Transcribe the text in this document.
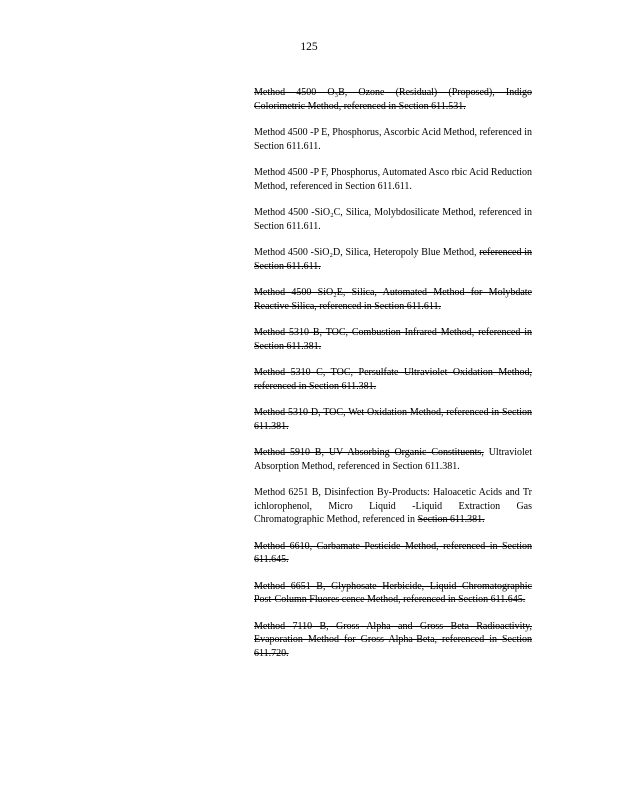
125

Method 4500 O₃B, Ozone (Residual) (Proposed), Indigo Colorimetric Method, referenced in Section 611.531.

Method 4500 -P E, Phosphorus, Ascorbic Acid Method, referenced in Section 611.611.

Method 4500 -P F, Phosphorus, Automated Asco rbic Acid Reduction Method, referenced in Section 611.611.

Method 4500 -SiO₂C, Silica, Molybdosilicate Method, referenced in Section 611.611.

Method 4500 -SiO₂D, Silica, Heteropoly Blue Method, referenced in Section 611.611.

Method 4500 SiO₂E, Silica, Automated Method for Molybdate Reactive Silica, referenced in Section 611.611.

Method 5310 B, TOC, Combustion Infrared Method, referenced in Section 611.381.

Method 5310 C, TOC, Persulfate Ultraviolet Oxidation Method, referenced in Section 611.381.

Method 5310 D, TOC, Wet Oxidation Method, referenced in Section 611.381.

Method 5910 B, UV Absorbing Organic Constituents, Ultraviolet Absorption Method, referenced in Section 611.381.

Method 6251 B, Disinfection By-Products: Haloacetic Acids and Tr ichlorophenol, Micro Liquid -Liquid Extraction Gas Chromatographic Method, referenced in Section 611.381.

Method 6610, Carbamate Pesticide Method, referenced in Section 611.645.

Method 6651 B, Glyphosate Herbicide, Liquid Chromatographic Post-Column Fluores cence Method, referenced in Section 611.645.

Method 7110 B, Gross Alpha and Gross Beta Radioactivity, Evaporation Method for Gross Alpha-Beta, referenced in Section 611.720.
